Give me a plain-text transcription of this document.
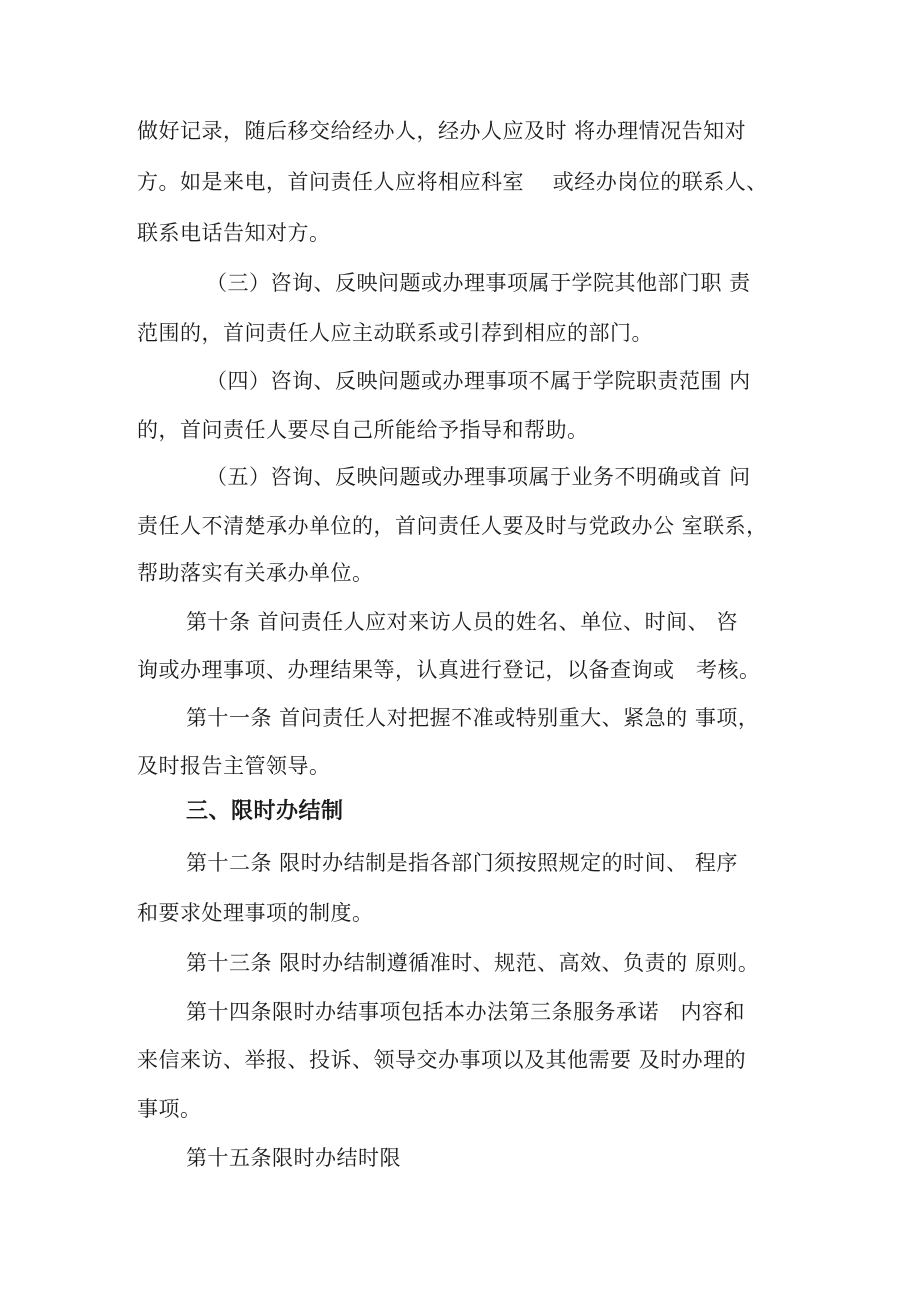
做好记录，随后移交给经办人，经办人应及时 将办理情况告知对
方。如是来电，首问责任人应将相应科室    或经办岗位的联系人、
联系电话告知对方。
（三）咨询、反映问题或办理事项属于学院其他部门职 责
范围的，首问责任人应主动联系或引荐到相应的部门。
（四）咨询、反映问题或办理事项不属于学院职责范围 内
的，首问责任人要尽自己所能给予指导和帮助。
（五）咨询、反映问题或办理事项属于业务不明确或首 问
责任人不清楚承办单位的，首问责任人要及时与党政办公 室联系，
帮助落实有关承办单位。
第十条 首问责任人应对来访人员的姓名、单位、时间、 咨
询或办理事项、办理结果等，认真进行登记，以备查询或   考核。
第十一条 首问责任人对把握不准或特别重大、紧急的 事项，
及时报告主管领导。
三、限时办结制
第十二条 限时办结制是指各部门须按照规定的时间、 程序
和要求处理事项的制度。
第十三条 限时办结制遵循准时、规范、高效、负责的 原则。
第十四条限时办结事项包括本办法第三条服务承诺   内容和
来信来访、举报、投诉、领导交办事项以及其他需要 及时办理的
事项。
第十五条限时办结时限
